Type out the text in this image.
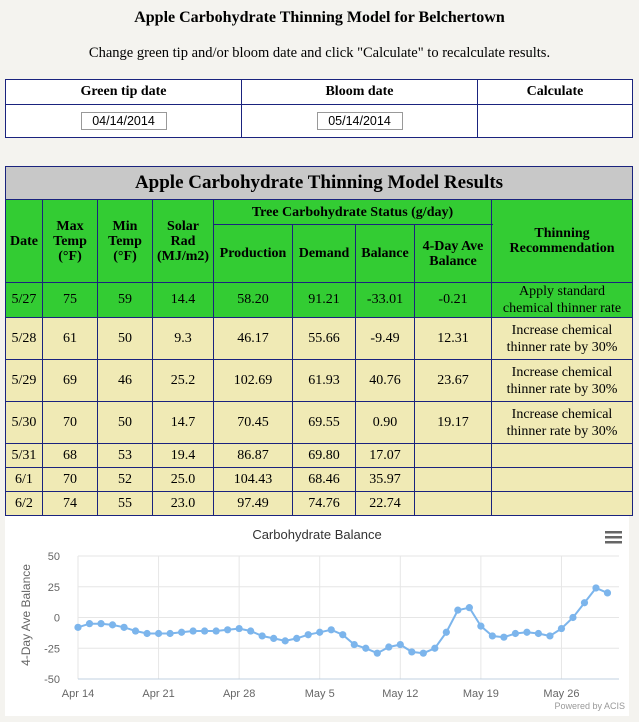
Apple Carbohydrate Thinning Model for Belchertown
Change green tip and/or bloom date and click "Calculate" to recalculate results.
Green tip date	Bloom date	Calculate
04/14/2014	05/14/2014	
Apple Carbohydrate Thinning Model Results								
Date	Max Temp (°F)	Min Temp (°F)	Solar Rad (MJ/m2)	Tree Carbohydrate Status (g/day)				Thinning Recommendation
				Production	Demand	Balance	4-Day Ave Balance	
5/27	75	59	14.4	58.20	91.21	-33.01	-0.21	Apply standard chemical thinner rate
5/28	61	50	9.3	46.17	55.66	-9.49	12.31	Increase chemical thinner rate by 30%
5/29	69	46	25.2	102.69	61.93	40.76	23.67	Increase chemical thinner rate by 30%
5/30	70	50	14.7	70.45	69.55	0.90	19.17	Increase chemical thinner rate by 30%
5/31	68	53	19.4	86.87	69.80	17.07		
6/1	70	52	25.0	104.43	68.46	35.97		
6/2	74	55	23.0	97.49	74.76	22.74		
50
25
0
-25
-50
Apr 14	Apr 21	Apr 28	May 5	May 12	May 19	May 26
Carbohydrate Balance
4-Day Ave Balance
Powered by ACIS
